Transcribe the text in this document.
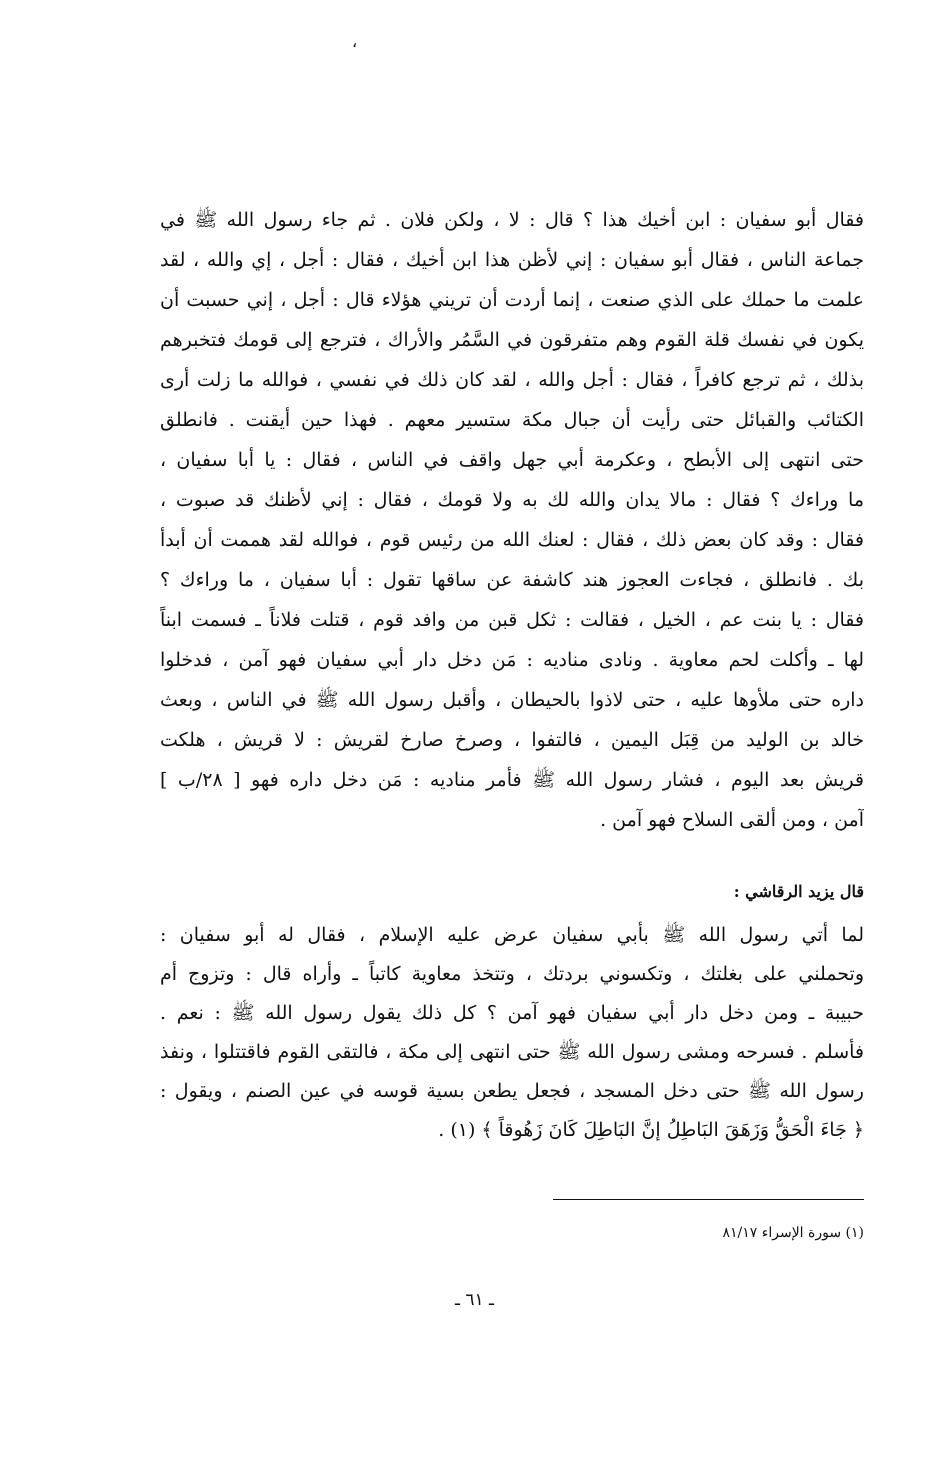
،
فقال أبو سفيان : ابن أخيك هذا ؟ قال : لا ، ولكن فلان . ثم جاء رسول الله ﷺ في
جماعة الناس ، فقال أبو سفيان : إني لأظن هذا ابن أخيك ، فقال : أجل ، إي والله ، لقد
علمت ما حملك على الذي صنعت ، إنما أردت أن تريني هؤلاء قال : أجل ، إني حسبت أن
يكون في نفسك قلة القوم وهم متفرقون في السَّمُر والأراك ، فترجع إلى قومك فتخبرهم
بذلك ، ثم ترجع كافراً ، فقال : أجل والله ، لقد كان ذلك في نفسي ، فوالله ما زلت أرى
الكتائب والقبائل حتى رأيت أن جبال مكة ستسير معهم . فهذا حين أيقنت . فانطلق
حتى انتهى إلى الأبطح ، وعكرمة أبي جهل واقف في الناس ، فقال : يا أبا سفيان ،
ما وراءك ؟ فقال : مالا يدان والله لك به ولا قومك ، فقال : إني لأظنك قد صبوت ،
فقال : وقد كان بعض ذلك ، فقال : لعنك الله من رئيس قوم ، فوالله لقد هممت أن أبدأ
بك . فانطلق ، فجاءت العجوز هند كاشفة عن ساقها تقول : أبا سفيان ، ما وراءك ؟
فقال : يا بنت عم ، الخيل ، فقالت : ثكل قبن من وافد قوم ، قتلت فلاناً ـ فسمت ابناً
لها ـ وأكلت لحم معاوية . ونادى مناديه : مَن دخل دار أبي سفيان فهو آمن ، فدخلوا
داره حتى ملأوها عليه ، حتى لاذوا بالحيطان ، وأقبل رسول الله ﷺ في الناس ، وبعث
خالد بن الوليد من قِبَل اليمين ، فالتفوا ، وصرخ صارخ لقريش : لا قريش ، هلكت
قريش بعد اليوم ، فشار رسول الله ﷺ فأمر مناديه : مَن دخل داره فهو [ ٢٨/ب ]
آمن ، ومن ألقى السلاح فهو آمن .
قال يزيد الرقاشي :
لما أتي رسول الله ﷺ بأبي سفيان عرض عليه الإسلام ، فقال له أبو سفيان :
وتحملني على بغلتك ، وتكسوني بردتك ، وتتخذ معاوية كاتباً ـ وأراه قال : وتزوج أم
حبيبة ـ ومن دخل دار أبي سفيان فهو آمن ؟ كل ذلك يقول رسول الله ﷺ : نعم .
فأسلم . فسرحه ومشى رسول الله ﷺ حتى انتهى إلى مكة ، فالتقى القوم فاقتتلوا ، ونفذ
رسول الله ﷺ حتى دخل المسجد ، فجعل يطعن بسية قوسه في عين الصنم ، ويقول :
﴿ جَاءَ الْحَقُّ وَزَهَقَ البَاطِلُ إنَّ البَاطِلَ كَانَ زَهُوقاً ﴾ (١) .
(١) سورة الإسراء ٨١/١٧
ـ ٦١ ـ
